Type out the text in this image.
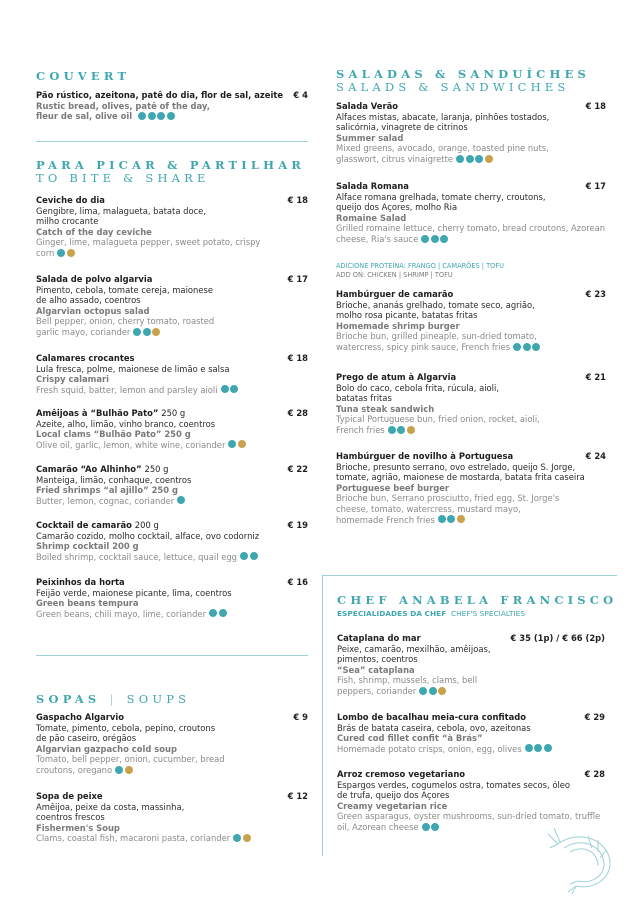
COUVERT
Pão rústico, azeitona, patê do dia, flor de sal, azeite € 4
Rustic bread, olives, patê of the day, fleur de sal, olive oil
PARA PICAR & PARTILHAR
TO BITE & SHARE
Ceviche do dia	€ 18
Gengibre, lima, malagueta, batata doce, milho crocante
Catch of the day ceviche
Ginger, lime, malagueta pepper, sweet potato, crispy corn
Salada de polvo algarvia	€ 17
Pimento, cebola, tomate cereja, maionese de alho assado, coentros
Algarvian octopus salad
Bell pepper, onion, cherry tomato, roasted garlic mayo, coriander
Calamares crocantes	€ 18
Lula fresca, polme, maionese de limão e salsa
Crispy calamari
Fresh squid, batter, lemon and parsley aioli
Amêijoas à “Bulhão Pato” 250 g	€ 28
Azeite, alho, limão, vinho branco, coentros
Local clams “Bulhão Pato” 250 g
Olive oil, garlic, lemon, white wine, coriander
Camarão “Ao Alhinho” 250 g	€ 22
Manteiga, limão, conhaque, coentros
Fried shrimps “al ajillo” 250 g
Butter, lemon, cognac, coriander
Cocktail de camarão 200 g	€ 19
Camarão cozido, molho cocktail, alface, ovo codorniz
Shrimp cocktail 200 g
Boiled shrimp, cocktail sauce, lettuce, quail egg
Peixinhos da horta	€ 16
Feijão verde, maionese picante, lima, coentros
Green beans tempura
Green beans, chili mayo, lime, coriander
SOPAS | SOUPS
Gaspacho Algarvio	€ 9
Tomate, pimento, cebola, pepino, croutons de pão caseiro, orégãos
Algarvian gazpacho cold soup
Tomato, bell pepper, onion, cucumber, bread croutons, oregano
Sopa de peixe	€ 12
Amêijoa, peixe da costa, massinha, coentros frescos
Fishermen's Soup
Clams, coastal fish, macaroni pasta, coriander
SALADAS & SANDUÍCHES
SALADS & SANDWICHES
Salada Verão	€ 18
Alfaces mistas, abacate, laranja, pinhões tostados, salicórnia, vinagrete de citrinos
Summer salad
Mixed greens, avocado, orange, toasted pine nuts, glasswort, citrus vinaigrette
Salada Romana	€ 17
Alface romana grelhada, tomate cherry, croutons, queijo dos Açores, molho Ria
Romaine Salad
Grilled romaine lettuce, cherry tomato, bread croutons, Azorean cheese, Ria's sauce
ADICIONE PROTEÍNA: FRANGO | CAMARÕES | TOFU
ADD ON: CHICKEN | SHRIMP | TOFU
Hambúrguer de camarão	€ 23
Brioche, ananás grelhado, tomate seco, agrião, molho rosa picante, batatas fritas
Homemade shrimp burger
Brioche bun, grilled pineaple, sun-dried tomato, watercress, spicy pink sauce, French fries
Prego de atum à Algarvia	€ 21
Bolo do caco, cebola frita, rúcula, aioli, batatas fritas
Tuna steak sandwich
Typical Portuguese bun, fried onion, rocket, aioli, French fries
Hambúrguer de novilho à Portuguesa	€ 24
Brioche, presunto serrano, ovo estrelado, queijo S. Jorge, tomate, agrião, maionese de mostarda, batata frita caseira
Portuguese beef burger
Brioche bun, Serrano prosciutto, fried egg, St. Jorge's cheese, tomato, watercress, mustard mayo, homemade French fries
CHEF ANABELA FRANCISCO
ESPECIALIDADES DA CHEF CHEF'S SPECIALTIES
Cataplana do mar	€ 35 (1p) / € 66 (2p)
Peixe, camarão, mexilhão, amêijoas, pimentos, coentros
“Sea” cataplana
Fish, shrimp, mussels, clams, bell peppers, coriander
Lombo de bacalhau meia-cura confitado	€ 29
Brás de batata caseira, cebola, ovo, azeitonas
Cured cod fillet confit “à Brás”
Homemade potato crisps, onion, egg, olives
Arroz cremoso vegetariano	€ 28
Espargos verdes, cogumelos ostra, tomates secos, óleo de trufa, queijo dos Açores
Creamy vegetarian rice
Green asparagus, oyster mushrooms, sun-dried tomato, truffle oil, Azorean cheese
